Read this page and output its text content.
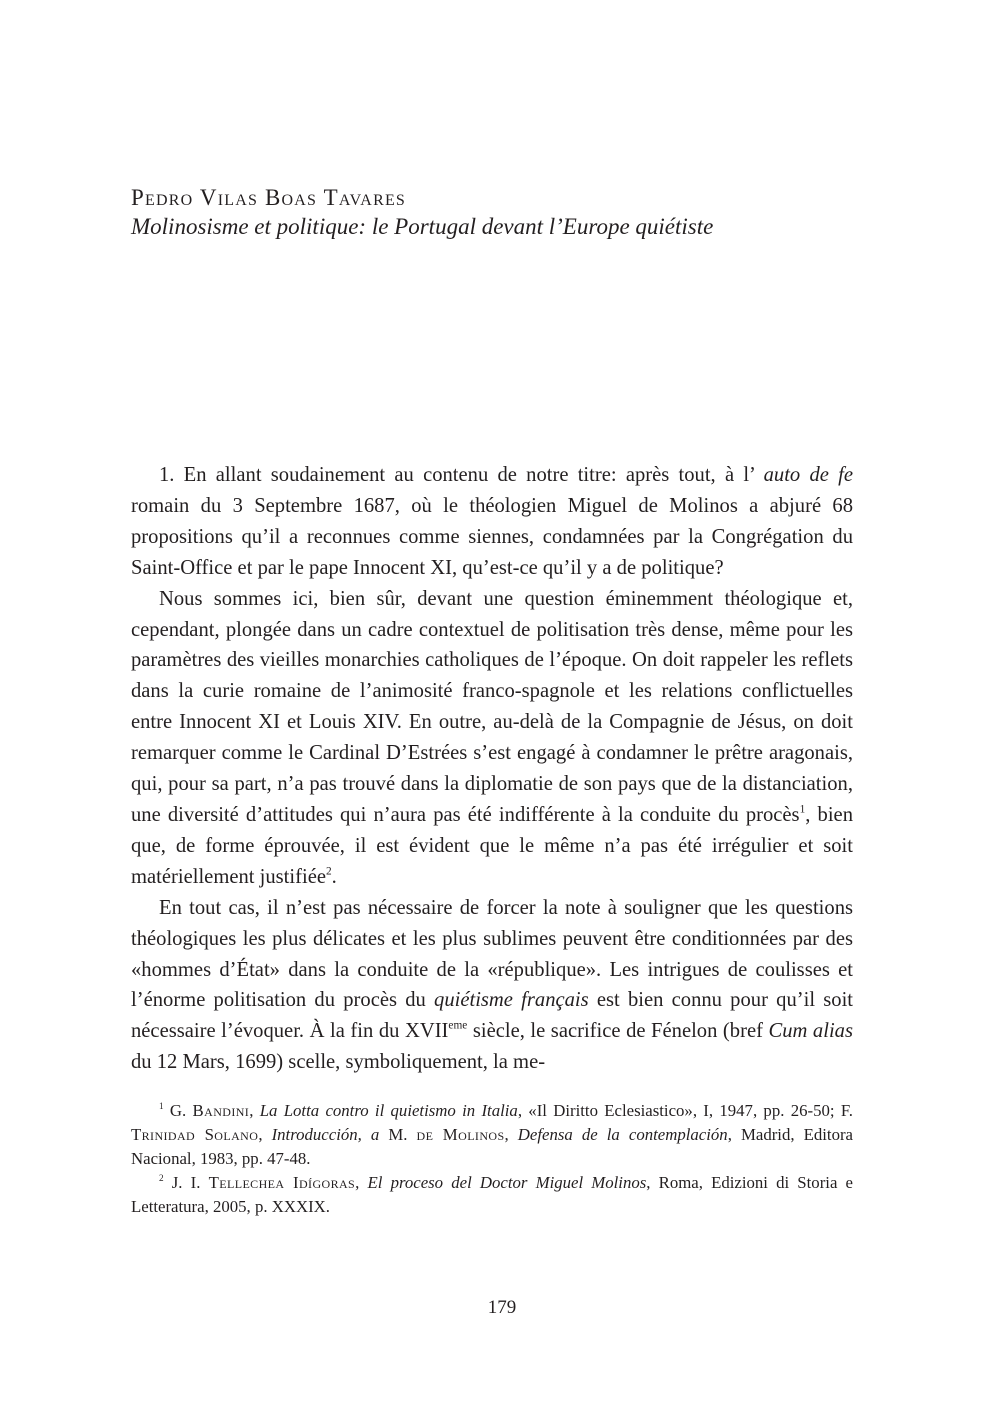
Pedro Vilas Boas Tavares
Molinosisme et politique: le Portugal devant l’Europe quiétiste

1. En allant soudainement au contenu de notre titre: après tout, à l’ auto de fe romain du 3 Septembre 1687, où le théologien Miguel de Molinos a abjuré 68 propositions qu’il a reconnues comme siennes, condamnées par la Congrégation du Saint-Office et par le pape Innocent XI, qu’est-ce qu’il y a de politique?

Nous sommes ici, bien sûr, devant une question éminemment théologique et, cependant, plongée dans un cadre contextuel de politisation très dense, même pour les paramètres des vieilles monarchies catholiques de l’époque. On doit rappeler les reflets dans la curie romaine de l’animosité franco-spagnole et les relations conflictuelles entre Innocent XI et Louis XIV. En outre, au-delà de la Compagnie de Jésus, on doit remarquer comme le Cardinal D’Estrées s’est engagé à condamner le prêtre aragonais, qui, pour sa part, n’a pas trouvé dans la diplomatie de son pays que de la distanciation, une diversité d’attitudes qui n’aura pas été indifférente à la conduite du procès$^1$, bien que, de forme éprouvée, il est évident que le même n’a pas été irrégulier et soit matériellement justifiée$^2$.

En tout cas, il n’est pas nécessaire de forcer la note à souligner que les questions théologiques les plus délicates et les plus sublimes peuvent être conditionnées par des «hommes d’État» dans la conduite de la «république». Les intrigues de coulisses et l’énorme politisation du procès du quiétisme français est bien connu pour qu’il soit nécessaire l’évoquer. À la fin du XVIIeme siècle, le sacrifice de Fénelon (bref Cum alias du 12 Mars, 1699) scelle, symboliquement, la me-

$^1$ G. Bandini, La Lotta contro il quietismo in Italia, «Il Diritto Eclesiastico», I, 1947, pp. 26-50; F. Trinidad Solano, Introducción, a M. de Molinos, Defensa de la contemplación, Madrid, Editora Nacional, 1983, pp. 47-48.

$^2$ J. I. Tellechea Idígoras, El proceso del Doctor Miguel Molinos, Roma, Edizioni di Storia e Letteratura, 2005, p. XXXIX.

179
